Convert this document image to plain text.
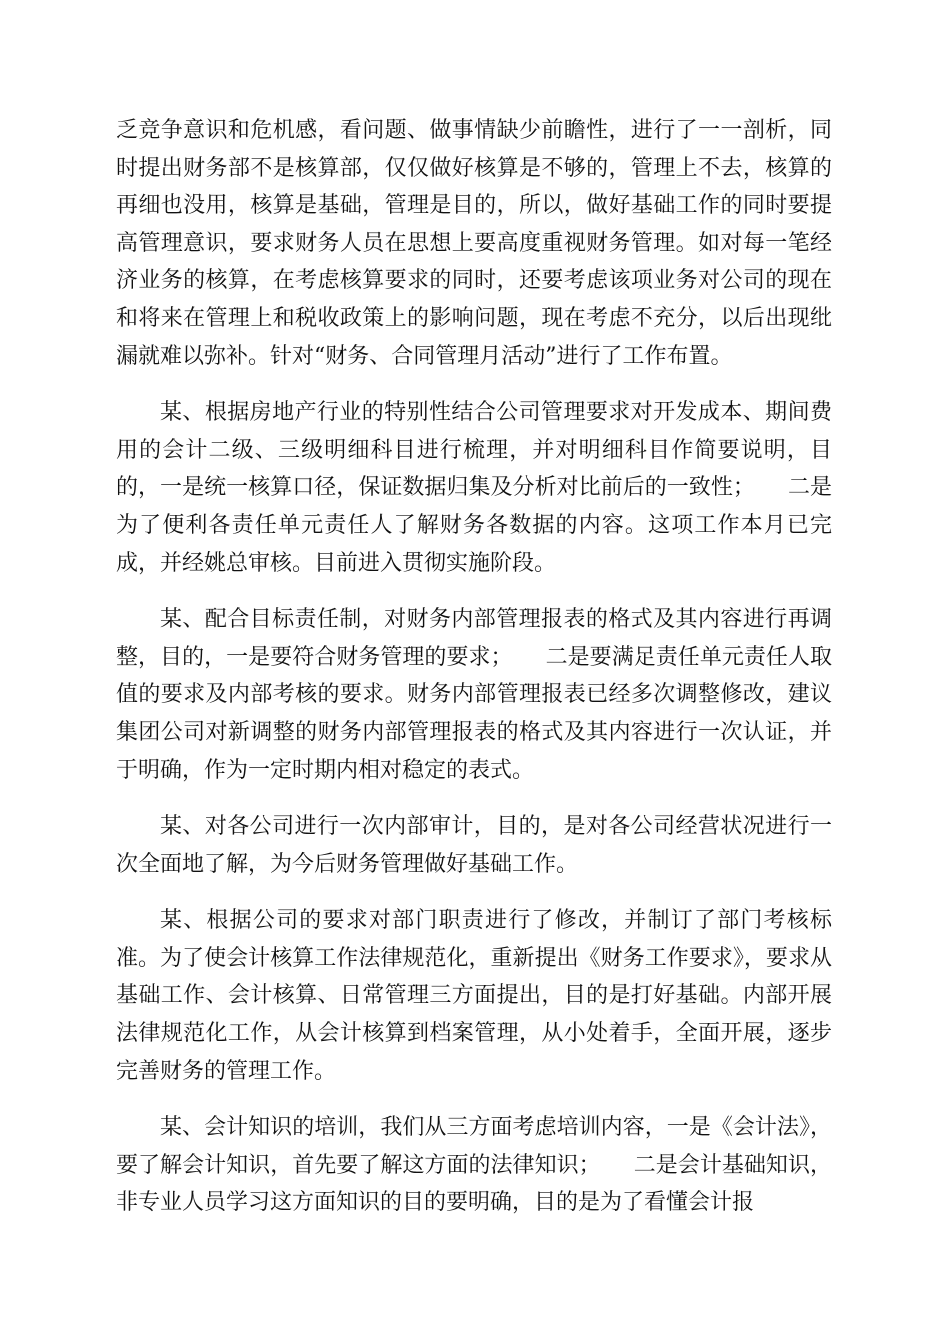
乏竞争意识和危机感，看问题、做事情缺少前瞻性，进行了一一剖析，同时提出财务部不是核算部，仅仅做好核算是不够的，管理上不去，核算的再细也没用，核算是基础，管理是目的，所以，做好基础工作的同时要提高管理意识，要求财务人员在思想上要高度重视财务管理。如对每一笔经济业务的核算，在考虑核算要求的同时，还要考虑该项业务对公司的现在和将来在管理上和税收政策上的影响问题，现在考虑不充分，以后出现纰漏就难以弥补。针对“财务、合同管理月活动”进行了工作布置。

某、根据房地产行业的特别性结合公司管理要求对开发成本、期间费用的会计二级、三级明细科目进行梳理，并对明细科目作简要说明，目的，一是统一核算口径，保证数据归集及分析对比前后的一致性；　　二是为了便利各责任单元责任人了解财务各数据的内容。这项工作本月已完成，并经姚总审核。目前进入贯彻实施阶段。

某、配合目标责任制，对财务内部管理报表的格式及其内容进行再调整，目的，一是要符合财务管理的要求；　　二是要满足责任单元责任人取值的要求及内部考核的要求。财务内部管理报表已经多次调整修改，建议集团公司对新调整的财务内部管理报表的格式及其内容进行一次认证，并于明确，作为一定时期内相对稳定的表式。

某、对各公司进行一次内部审计，目的，是对各公司经营状况进行一次全面地了解，为今后财务管理做好基础工作。

某、根据公司的要求对部门职责进行了修改，并制订了部门考核标准。为了使会计核算工作法律规范化，重新提出《财务工作要求》，要求从基础工作、会计核算、日常管理三方面提出，目的是打好基础。内部开展法律规范化工作，从会计核算到档案管理，从小处着手，全面开展，逐步完善财务的管理工作。

某、会计知识的培训，我们从三方面考虑培训内容，一是《会计法》，要了解会计知识，首先要了解这方面的法律知识；　　二是会计基础知识，非专业人员学习这方面知识的目的要明确，目的是为了看懂会计报
